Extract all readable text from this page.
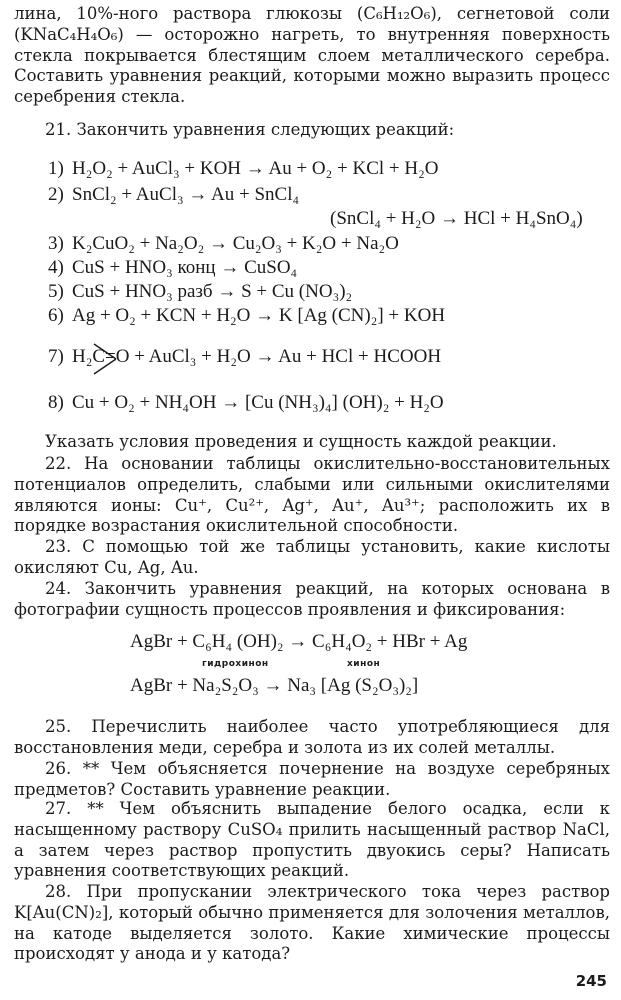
лина, 10%-ного раствора глюкозы (C₆H₁₂O₆), сегнетовой соли (KNaC₄H₄O₆) — осторожно нагреть, то внутренняя поверхность стекла покрывается блестящим слоем металлического серебра. Составить уравнения реакций, которыми можно выразить процесс серебрения стекла.

21. Закончить уравнения следующих реакций:

1) H₂O₂ + AuCl₃ + KOH → Au + O₂ + KCl + H₂O
2) SnCl₂ + AuCl₃ → Au + SnCl₄
(SnCl₄ + H₂O → HCl + H₄SnO₄)
3) K₂CuO₂ + Na₂O₂ → Cu₂O₃ + K₂O + Na₂O
4) CuS + HNO₃ конц → CuSO₄
5) CuS + HNO₃ разб → S + Cu (NO₃)₂
6) Ag + O₂ + KCN + H₂O → K [Ag (CN)₂] + KOH
7) H₂C=O + AuCl₃ + H₂O → Au + HCl + HCOOH
8) Cu + O₂ + NH₄OH → [Cu (NH₃)₄] (OH)₂ + H₂O

Указать условия проведения и сущность каждой реакции.

22. На основании таблицы окислительно-восстановительных потенциалов определить, слабыми или сильными окислителями являются ионы: Cu⁺, Cu²⁺, Ag⁺, Au⁺, Au³⁺; расположить их в порядке возрастания окислительной способности.

23. С помощью той же таблицы установить, какие кислоты окисляют Cu, Ag, Au.

24. Закончить уравнения реакций, на которых основана в фотографии сущность процессов проявления и фиксирования:

AgBr + C₆H₄ (OH)₂ → C₆H₄O₂ + HBr + Ag
гидрохинон	хинон
AgBr + Na₂S₂O₃ → Na₃ [Ag (S₂O₃)₂]

25. Перечислить наиболее часто употребляющиеся для восстановления меди, серебра и золота из их солей металлы.

26. ** Чем объясняется почернение на воздухе серебряных предметов? Составить уравнение реакции.

27. ** Чем объяснить выпадение белого осадка, если к насыщенному раствору CuSO₄ прилить насыщенный раствор NaCl, а затем через раствор пропустить двуокись серы? Написать уравнения соответствующих реакций.

28. При пропускании электрического тока через раствор K[Au(CN)₂], который обычно применяется для золочения металлов, на катоде выделяется золото. Какие химические процессы происходят у анода и у катода?

245
